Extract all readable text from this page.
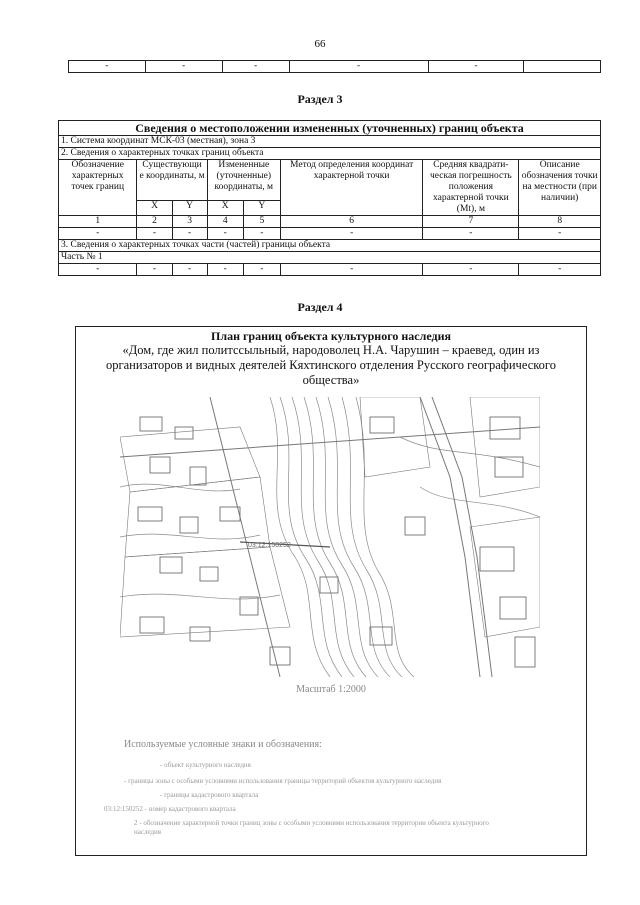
66
-	-	-	-	-	
Раздел 3
Сведения о местоположении измененных (уточненных) границ объекта							
1. Система координат МСК-03 (местная), зона 3							
2. Сведения о характерных точках границ объекта							
Обозначение характерных точек границ	Существующи е координаты, м		Измененные (уточненные) координаты, м		Метод определения координат характерной точки	Средняя квадрати-ческая погрешность положения характерной точки (Mt), м	Описание обозначения точки на местности (при наличии)
	X	Y	X	Y			
1	2	3	4	5	6	7	8
-	-	-	-	-	-	-	-
3. Сведения о характерных точках части (частей) границы объекта							
Часть № 1							
-	-	-	-	-	-	-	-
Раздел 4
План границ объекта культурного наследия
«Дом, где жил политссыльный, народоволец Н.А. Чарушин – краевед, один из организаторов и видных деятелей Кяхтинского отделения Русского географического общества»
03:12:150252
Масштаб 1:2000
Используемые условные знаки и обозначения:
- объект культурного наследия
- границы зоны с особыми условиями использования границы территорий объектов культурного наследия
- границы кадастрового квартала
03:12:150252 - номер кадастрового квартала
2 - обозначение характерной точки границ зоны с особыми условиями использования территории объекта культурного наследия
